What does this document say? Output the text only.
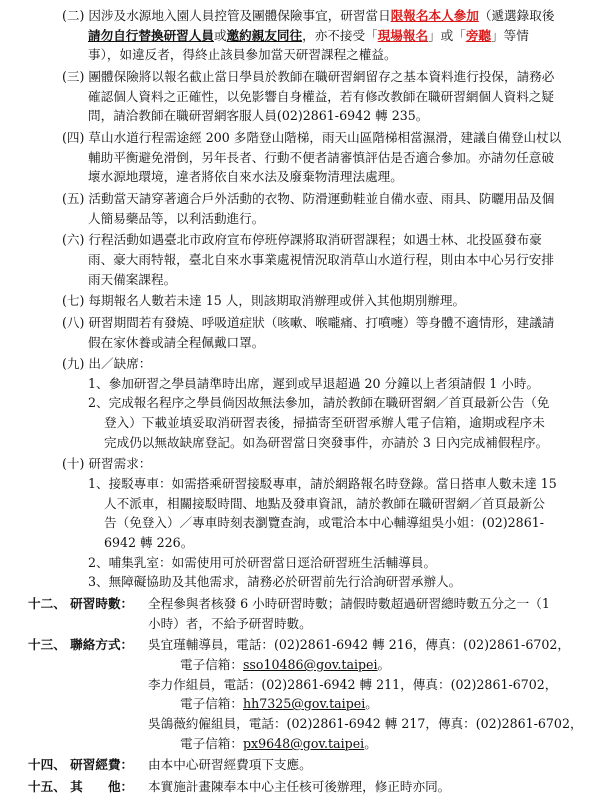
(二) 因涉及水源地入園人員控管及團體保險事宜，研習當日限報名本人參加（遞選錄取後
請勿自行替換研習人員或邀約親友同往，亦不接受「現場報名」或「旁聽」等情
事），如違反者，得終止該員參加當天研習課程之權益。
(三) 團體保險將以報名截止當日學員於教師在職研習網留存之基本資料進行投保，請務必
確認個人資料之正確性，以免影響自身權益，若有修改教師在職研習網個人資料之疑
問，請洽教師在職研習網客服人員(02)2861-6942 轉 235。
(四) 草山水道行程需途經 200 多階登山階梯，雨天山區階梯相當濕滑，建議自備登山杖以
輔助平衡避免滑倒，另年長者、行動不便者請審慎評估是否適合參加。亦請勿任意破
壞水源地環境，違者將依自來水法及廢棄物清理法處理。
(五) 活動當天請穿著適合戶外活動的衣物、防滑運動鞋並自備水壺、雨具、防曬用品及個
人簡易藥品等，以利活動進行。
(六) 行程活動如遇臺北市政府宣布停班停課將取消研習課程；如遇士林、北投區發布豪
雨、豪大雨特報，臺北自來水事業處視情況取消草山水道行程，則由本中心另行安排
雨天備案課程。
(七) 每期報名人數若未達 15 人，則該期取消辦理或併入其他期別辦理。
(八) 研習期間若有發燒、呼吸道症狀（咳嗽、喉嚨痛、打噴嚏）等身體不適情形，建議請
假在家休養或請全程佩戴口罩。
(九) 出／缺席：
1、參加研習之學員請準時出席，遲到或早退超過 20 分鐘以上者須請假 1 小時。
2、完成報名程序之學員倘因故無法參加，請於教師在職研習網／首頁最新公告（免
登入）下載並填妥取消研習表後，掃描寄至研習承辦人電子信箱，逾期或程序未
完成仍以無故缺席登記。如為研習當日突發事件，亦請於 3 日內完成補假程序。
(十) 研習需求：
1、接駁專車：如需搭乘研習接駁專車，請於網路報名時登錄。當日搭車人數未達 15
人不派車，相關接駁時間、地點及發車資訊，請於教師在職研習網／首頁最新公
告（免登入）／專車時刻表瀏覽查詢，或電洽本中心輔導組吳小姐：(02)2861-
6942 轉 226。
2、哺集乳室：如需使用可於研習當日逕洽研習班生活輔導員。
3、無障礙協助及其他需求，請務必於研習前先行洽詢研習承辦人。
十二、 研習時數： 全程參與者核發 6 小時研習時數；請假時數超過研習總時數五分之一（1
小時）者，不給予研習時數。
十三、 聯絡方式： 吳宜瑾輔導員，電話：(02)2861-6942 轉 216，傳真：(02)2861-6702，
電子信箱：sso10486@gov.taipei。
李力作組員，電話：(02)2861-6942 轉 211，傳真：(02)2861-6702，
電子信箱：hh7325@gov.taipei。
吳鴿薇約僱組員，電話：(02)2861-6942 轉 217，傳真：(02)2861-6702，
電子信箱：px9648@gov.taipei。
十四、 研習經費： 由本中心研習經費項下支應。
十五、 其　　他： 本實施計畫陳奉本中心主任核可後辦理，修正時亦同。
